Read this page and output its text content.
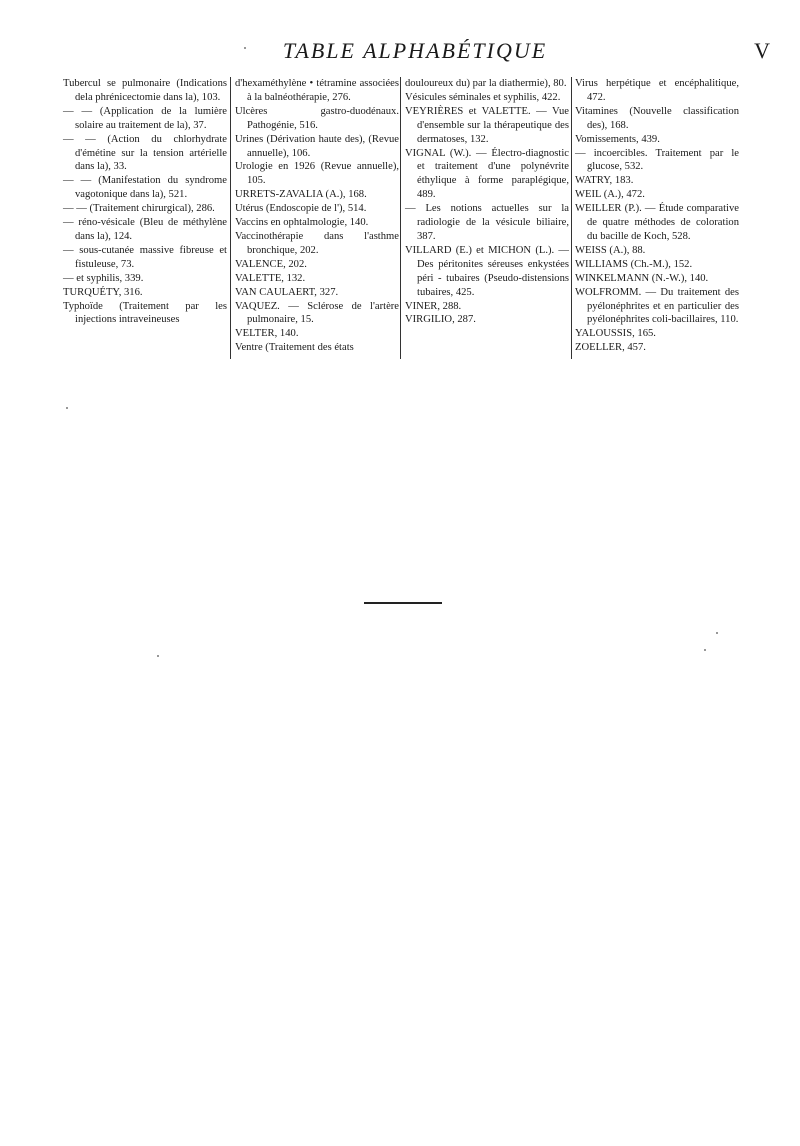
TABLE ALPHABÉTIQUE	V
Tubercul se pulmonaire (Indications dela phrénicectomie dans la), 103.
— — (Application de la lumière solaire au traitement de la), 37.
— — (Action du chlorhydrate d'émétine sur la tension artérielle dans la), 33.
— — (Manifestation du syndrome vagotonique dans la), 521.
— — (Traitement chirurgical), 286.
— réno-vésicale (Bleu de méthylène dans la), 124.
— sous-cutanée massive fibreuse et fistuleuse, 73.
— et syphilis, 339.
TURQUÉTY, 316.
Typhoïde (Traitement par les injections intraveineuses
d'hexaméthylène • tétramine associées à la balnéothérapie, 276.
Ulcères gastro-duodénaux. Pathogénie, 516.
Urines (Dérivation haute des), (Revue annuelle), 106.
Urologie en 1926 (Revue annuelle), 105.
URRETS-ZAVALIA (A.), 168.
Utérus (Endoscopie de l'), 514.
Vaccins en ophtalmologie, 140.
Vaccinothérapie dans l'asthme bronchique, 202.
VALENCE, 202.
VALETTE, 132.
VAN CAULAERT, 327.
VAQUEZ. — Sclérose de l'artère pulmonaire, 15.
VELTER, 140.
Ventre (Traitement des états
douloureux du) par la diathermie), 80.
Vésicules séminales et syphilis, 422.
VEYRIÈRES et VALETTE. — Vue d'ensemble sur la thérapeutique des dermatoses, 132.
VIGNAL (W.). — Électro-diagnostic et traitement d'une polynévrite éthylique à forme paraplégique, 489.
— Les notions actuelles sur la radiologie de la vésicule biliaire, 387.
VILLARD (E.) et MICHON (L.). — Des péritonites séreuses enkystées péri - tubaires (Pseudo-distensions tubaires, 425.
VINER, 288.
VIRGILIO, 287.
Virus herpétique et encéphalitique, 472.
Vitamines (Nouvelle classification des), 168.
Vomissements, 439.
— incoercibles. Traitement par le glucose, 532.
WATRY, 183.
WEIL (A.), 472.
WEILLER (P.). — Étude comparative de quatre méthodes de coloration du bacille de Koch, 528.
WEISS (A.), 88.
WILLIAMS (Ch.-M.), 152.
WINKELMANN (N.-W.), 140.
WOLFROMM. — Du traitement des pyélonéphrites et en particulier des pyélonéphrites coli-bacillaires, 110.
YALOUSSIS, 165.
ZOELLER, 457.
